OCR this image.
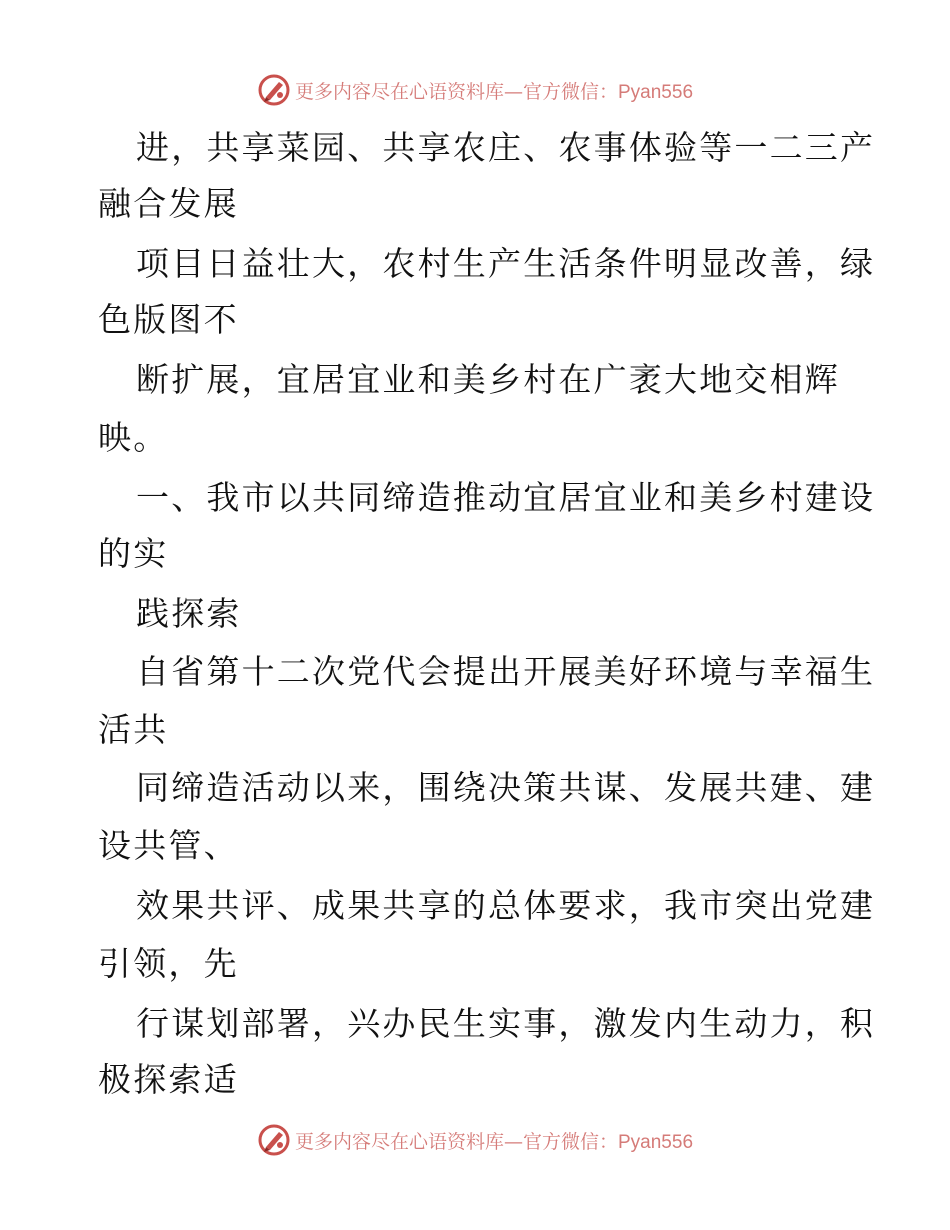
更多内容尽在心语资料库—官方微信：Pyan556
进，共享菜园、共享农庄、农事体验等一二三产
融合发展
项目日益壮大，农村生产生活条件明显改善，绿
色版图不
断扩展，宜居宜业和美乡村在广袤大地交相辉
映。
一、我市以共同缔造推动宜居宜业和美乡村建设
的实
践探索
自省第十二次党代会提出开展美好环境与幸福生
活共
同缔造活动以来，围绕决策共谋、发展共建、建
设共管、
效果共评、成果共享的总体要求，我市突出党建
引领，先
行谋划部署，兴办民生实事，激发内生动力，积
极探索适
更多内容尽在心语资料库—官方微信：Pyan556
